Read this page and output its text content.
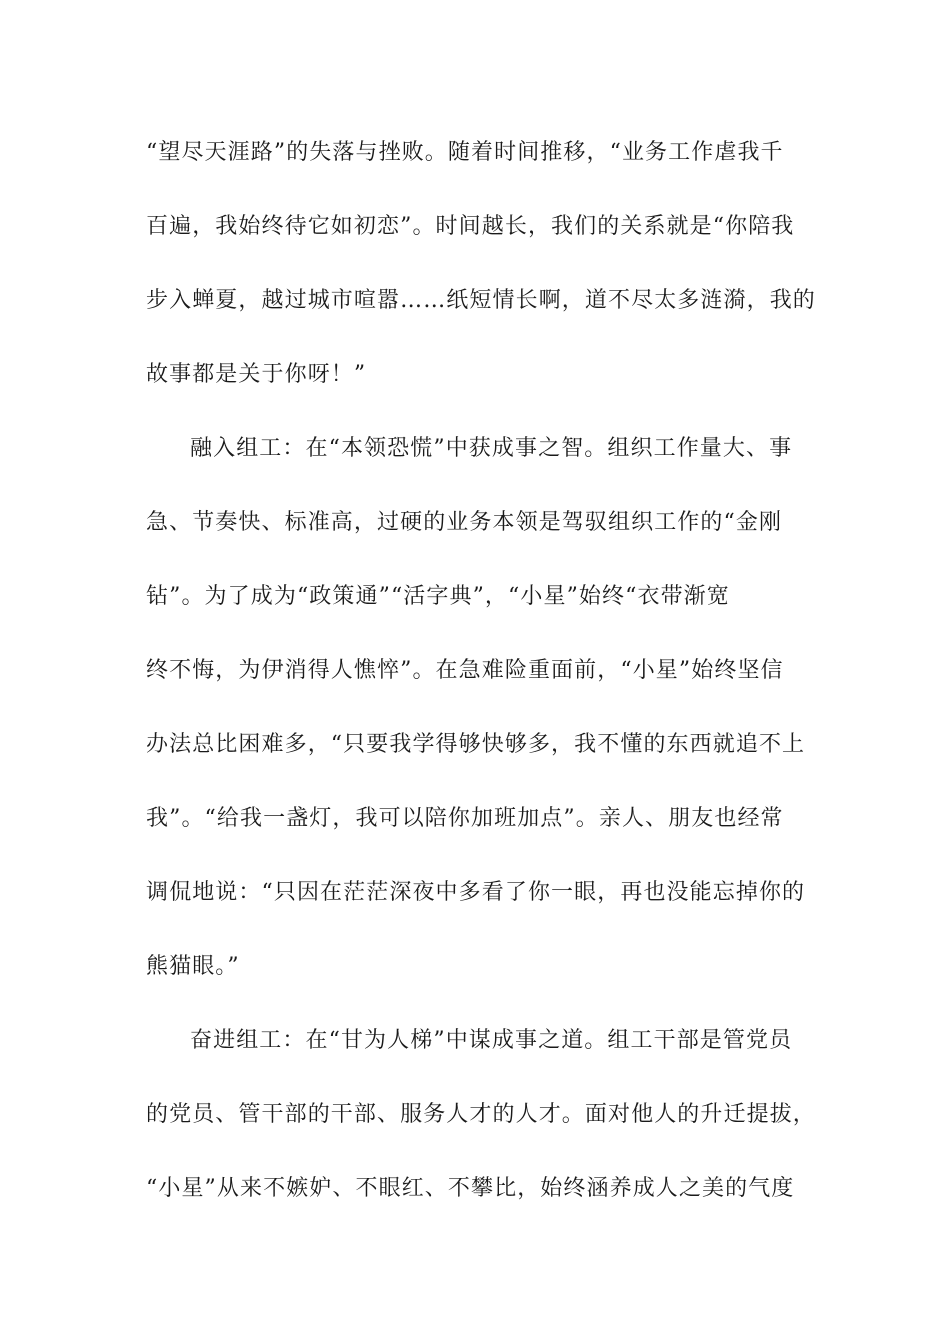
“望尽天涯路”的失落与挫败。随着时间推移，“业务工作虐我千
百遍，我始终待它如初恋”。时间越长，我们的关系就是“你陪我
步入蝉夏，越过城市喧嚣……纸短情长啊，道不尽太多涟漪，我的
故事都是关于你呀！”
融入组工：在“本领恐慌”中获成事之智。组织工作量大、事
急、节奏快、标准高，过硬的业务本领是驾驭组织工作的“金刚
钻”。为了成为“政策通”“活字典”，“小星”始终“衣带渐宽
终不悔，为伊消得人憔悴”。在急难险重面前，“小星”始终坚信
办法总比困难多，“只要我学得够快够多，我不懂的东西就追不上
我”。“给我一盏灯，我可以陪你加班加点”。亲人、朋友也经常
调侃地说：“只因在茫茫深夜中多看了你一眼，再也没能忘掉你的
熊猫眼。”
奋进组工：在“甘为人梯”中谋成事之道。组工干部是管党员
的党员、管干部的干部、服务人才的人才。面对他人的升迁提拔，
“小星”从来不嫉妒、不眼红、不攀比，始终涵养成人之美的气度
